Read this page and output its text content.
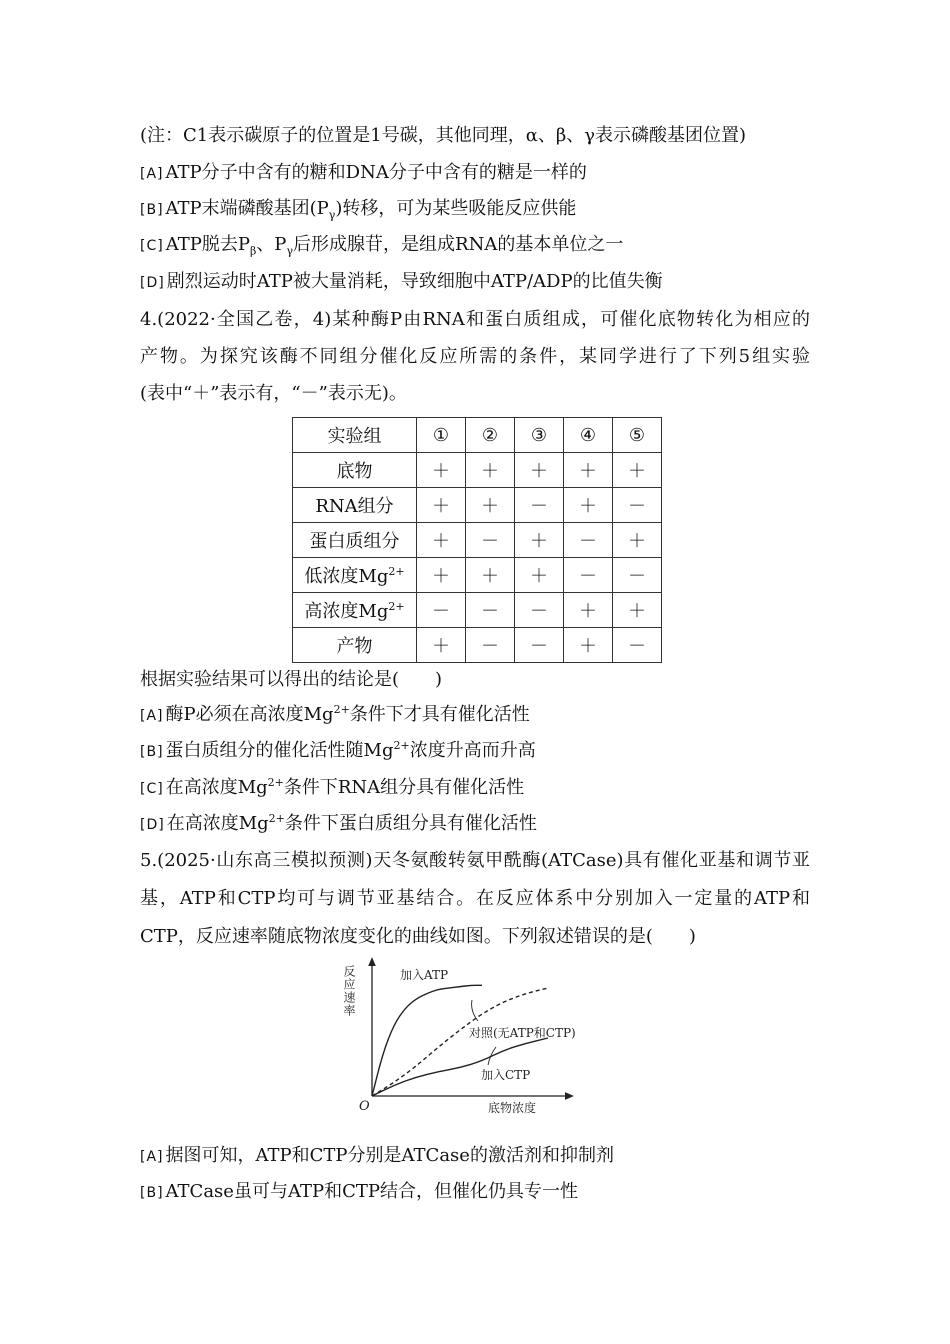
(注：C1表示碳原子的位置是1号碳，其他同理，α、β、γ表示磷酸基团位置)
[A] ATP分子中含有的糖和DNA分子中含有的糖是一样的
[B] ATP末端磷酸基团$(P_\gamma)$转移，可为某些吸能反应供能
[C] ATP脱去$P_\beta$、$P_\gamma$后形成腺苷，是组成RNA的基本单位之一
[D] 剧烈运动时ATP被大量消耗，导致细胞中ATP/ADP的比值失衡
4.(2022·全国乙卷，4)某种酶P由RNA和蛋白质组成，可催化底物转化为相应的
产物。为探究该酶不同组分催化反应所需的条件，某同学进行了下列5组实验
(表中“＋”表示有，“－”表示无)。
实验组	①	②	③	④	⑤
底物	＋	＋	＋	＋	＋
RNA组分	＋	＋	－	＋	－
蛋白质组分	＋	－	＋	－	＋
低浓度$Mg^{2+}$	＋	＋	＋	－	－
高浓度$Mg^{2+}$	－	－	－	＋	＋
产物	＋	－	－	＋	－
根据实验结果可以得出的结论是(　　)
[A] 酶P必须在高浓度$Mg^{2+}$条件下才具有催化活性
[B] 蛋白质组分的催化活性随$Mg^{2+}$浓度升高而升高
[C] 在高浓度$Mg^{2+}$条件下RNA组分具有催化活性
[D] 在高浓度$Mg^{2+}$条件下蛋白质组分具有催化活性
5.(2025·山东高三模拟预测)天冬氨酸转氨甲酰酶(ATCase)具有催化亚基和调节亚
基，ATP和CTP均可与调节亚基结合。在反应体系中分别加入一定量的ATP和
CTP，反应速率随底物浓度变化的曲线如图。下列叙述错误的是(　　)
反应速率
底物浓度
O
加入ATP
对照(无ATP和CTP)
加入CTP
[A] 据图可知，ATP和CTP分别是ATCase的激活剂和抑制剂
[B] ATCase虽可与ATP和CTP结合，但催化仍具专一性
